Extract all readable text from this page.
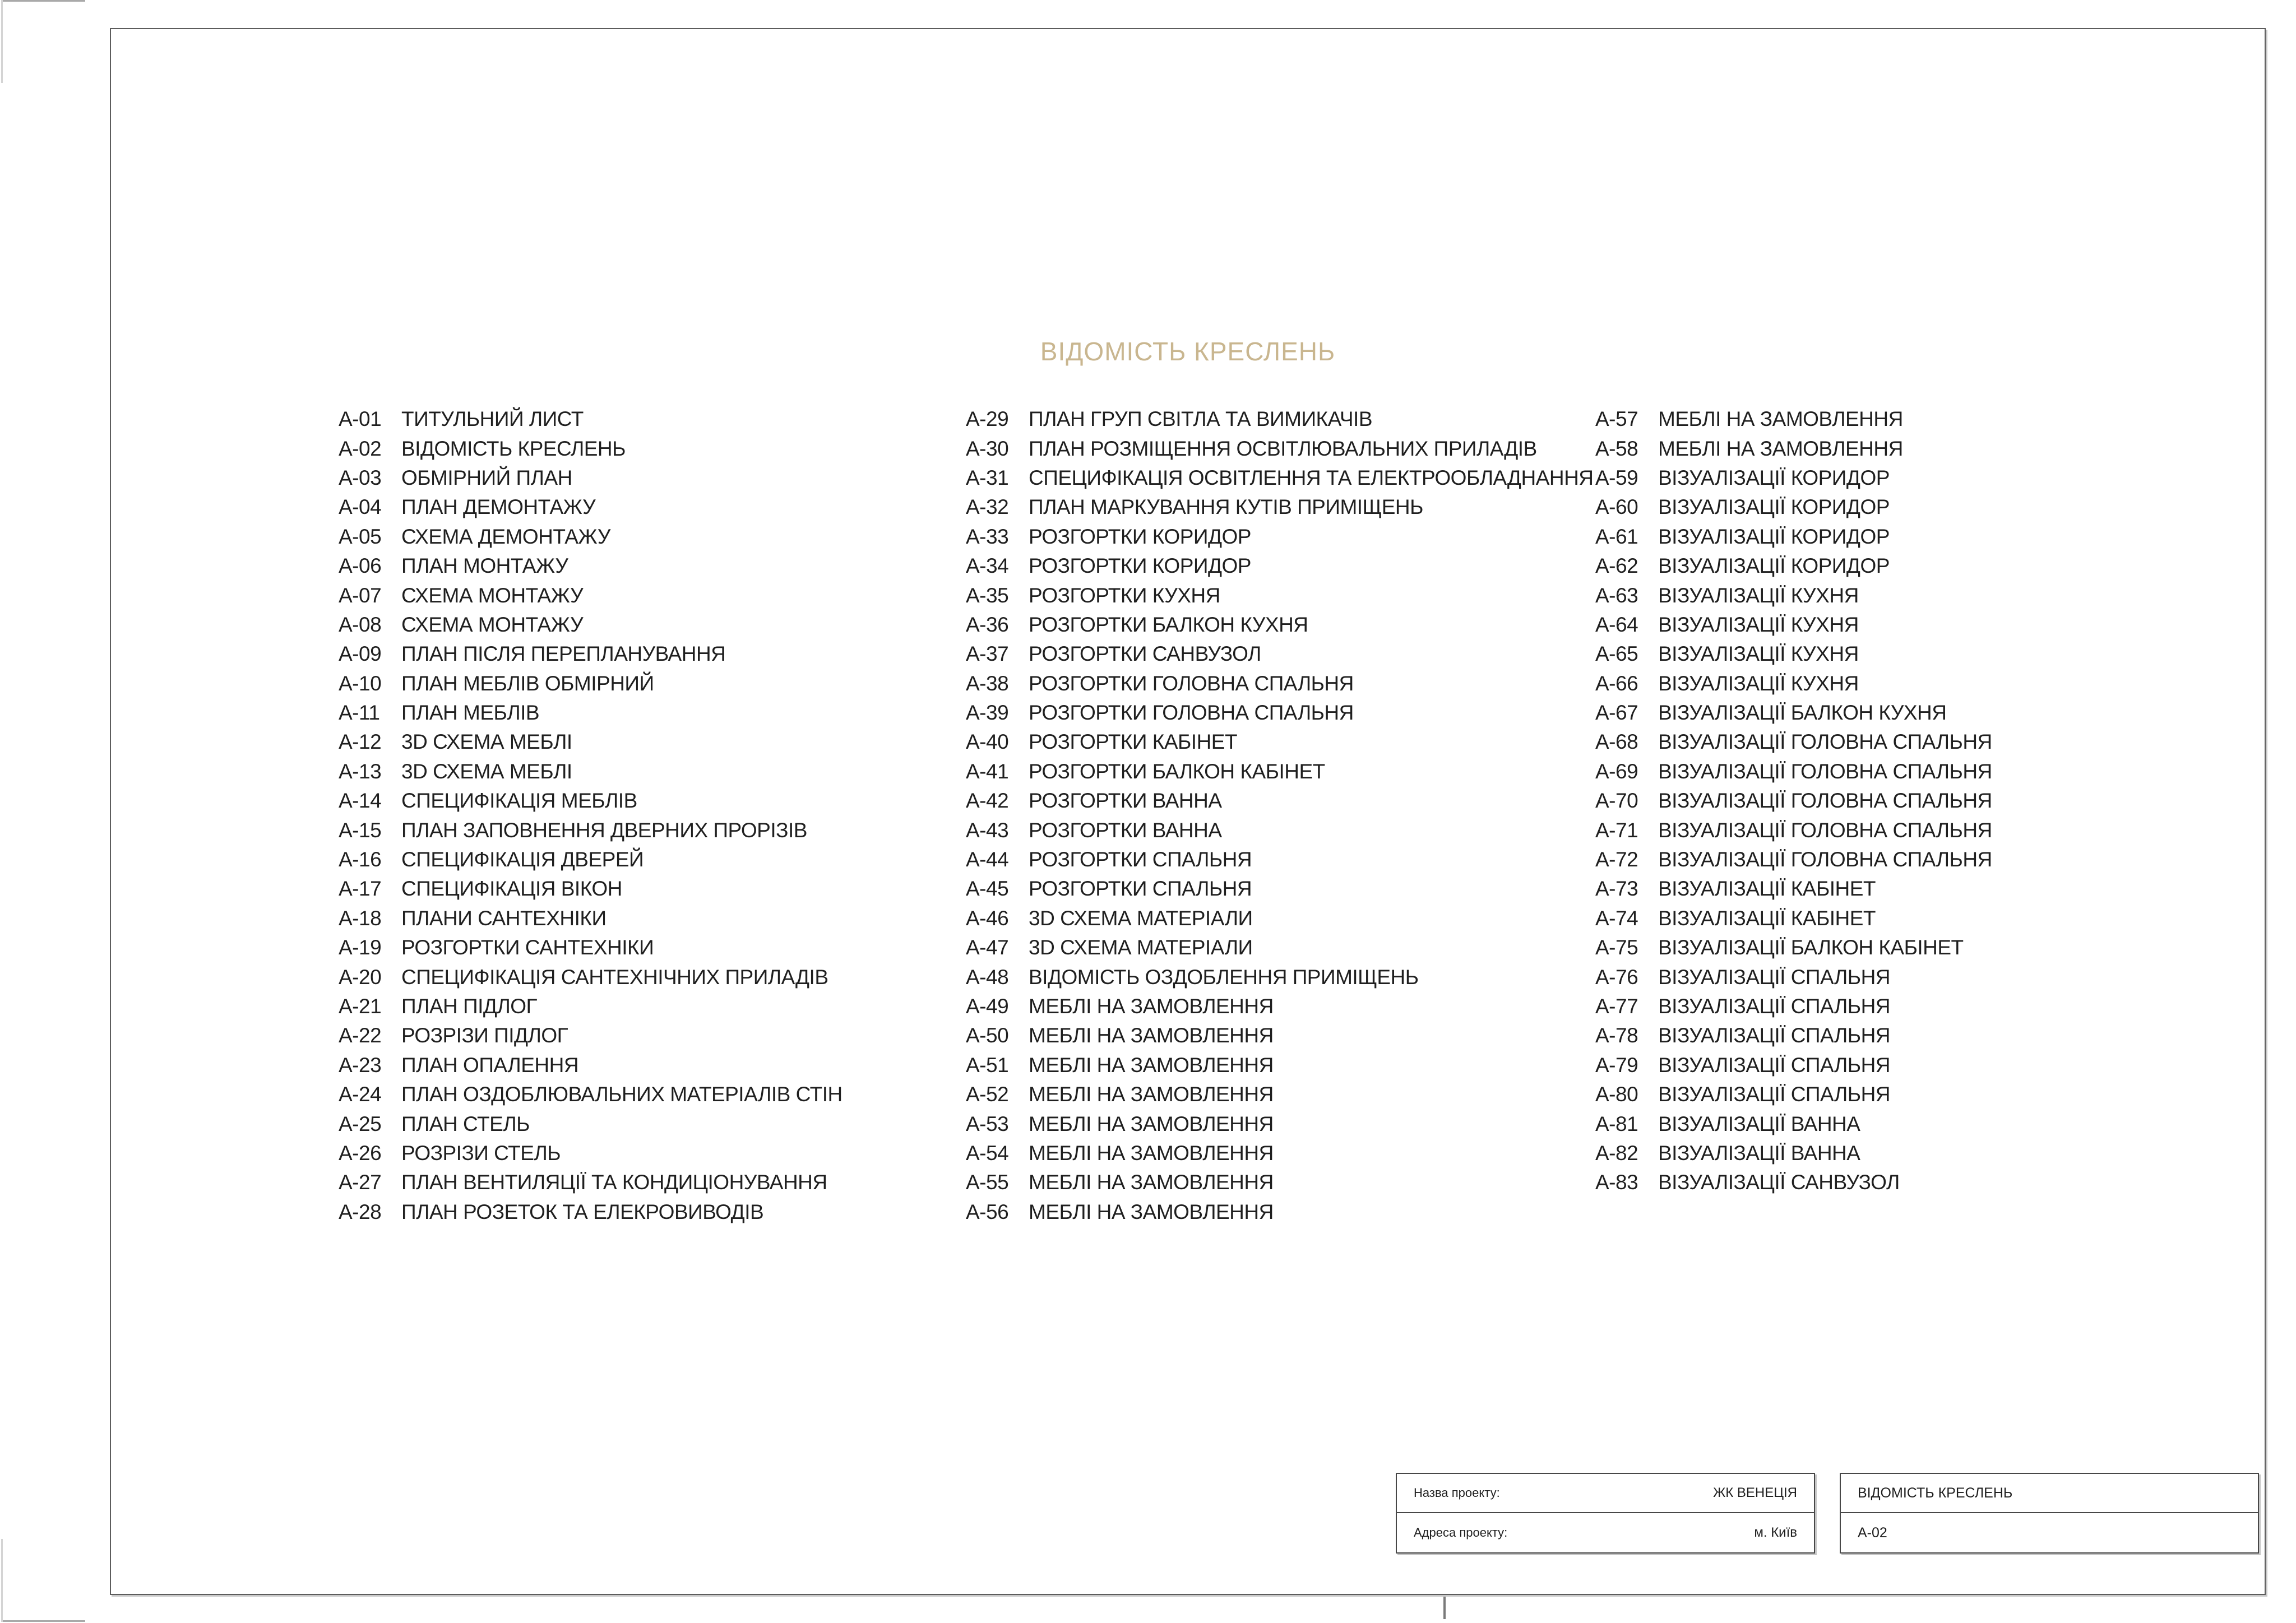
ВІДОМІСТЬ КРЕСЛЕНЬ
A-01 ТИТУЛЬНИЙ ЛИСТ
A-02 ВІДОМІСТЬ КРЕСЛЕНЬ
A-03 ОБМІРНИЙ ПЛАН
A-04 ПЛАН ДЕМОНТАЖУ
A-05 СХЕМА ДЕМОНТАЖУ
A-06 ПЛАН МОНТАЖУ
A-07 СХЕМА МОНТАЖУ
A-08 СХЕМА МОНТАЖУ
A-09 ПЛАН ПІСЛЯ ПЕРЕПЛАНУВАННЯ
A-10 ПЛАН МЕБЛІВ ОБМІРНИЙ
A-11	ПЛАН МЕБЛІВ
A-12 3D СХЕМА МЕБЛІ
A-13 3D СХЕМА МЕБЛІ
A-14 СПЕЦИФІКАЦІЯ МЕБЛІВ
A-15 ПЛАН ЗАПОВНЕННЯ ДВЕРНИХ ПРОРІЗІВ
A-16 СПЕЦИФІКАЦІЯ ДВЕРЕЙ
A-17 СПЕЦИФІКАЦІЯ ВІКОН
A-18 ПЛАНИ САНТЕХНІКИ
A-19 РОЗГОРТКИ САНТЕХНІКИ
A-20 СПЕЦИФІКАЦІЯ САНТЕХНІЧНИХ ПРИЛАДІВ
A-21 ПЛАН ПІДЛОГ
A-22 РОЗРІЗИ ПІДЛОГ
A-23 ПЛАН ОПАЛЕННЯ
A-24 ПЛАН ОЗДОБЛЮВАЛЬНИХ МАТЕРІАЛІВ СТІН
A-25 ПЛАН СТЕЛЬ
A-26 РОЗРІЗИ СТЕЛЬ
A-27 ПЛАН ВЕНТИЛЯЦІЇ ТА КОНДИЦІОНУВАННЯ
A-28 ПЛАН РОЗЕТОК ТА ЕЛЕКРОВИВОДІВ
A-29 ПЛАН ГРУП СВІТЛА ТА ВИМИКАЧІВ
A-30 ПЛАН РОЗМІЩЕННЯ ОСВІТЛЮВАЛЬНИХ ПРИЛАДІВ
A-31 СПЕЦИФІКАЦІЯ ОСВІТЛЕННЯ ТА ЕЛЕКТРООБЛАДНАННЯ
A-32 ПЛАН МАРКУВАННЯ КУТІВ ПРИМІЩЕНЬ
A-33 РОЗГОРТКИ КОРИДОР
A-34 РОЗГОРТКИ КОРИДОР
A-35 РОЗГОРТКИ КУХНЯ
A-36 РОЗГОРТКИ БАЛКОН КУХНЯ
A-37 РОЗГОРТКИ САНВУЗОЛ
A-38 РОЗГОРТКИ ГОЛОВНА СПАЛЬНЯ
A-39 РОЗГОРТКИ ГОЛОВНА СПАЛЬНЯ
A-40 РОЗГОРТКИ КАБІНЕТ
A-41 РОЗГОРТКИ БАЛКОН КАБІНЕТ
A-42 РОЗГОРТКИ ВАННА
A-43 РОЗГОРТКИ ВАННА
A-44 РОЗГОРТКИ СПАЛЬНЯ
A-45 РОЗГОРТКИ СПАЛЬНЯ
A-46 3D СХЕМА МАТЕРІАЛИ
A-47 3D СХЕМА МАТЕРІАЛИ
A-48 ВІДОМІСТЬ ОЗДОБЛЕННЯ ПРИМІЩЕНЬ
A-49 МЕБЛІ НА ЗАМОВЛЕННЯ
A-50 МЕБЛІ НА ЗАМОВЛЕННЯ
A-51 МЕБЛІ НА ЗАМОВЛЕННЯ
A-52 МЕБЛІ НА ЗАМОВЛЕННЯ
A-53 МЕБЛІ НА ЗАМОВЛЕННЯ
A-54 МЕБЛІ НА ЗАМОВЛЕННЯ
A-55 МЕБЛІ НА ЗАМОВЛЕННЯ
A-56 МЕБЛІ НА ЗАМОВЛЕННЯ
A-57 МЕБЛІ НА ЗАМОВЛЕННЯ
A-58 МЕБЛІ НА ЗАМОВЛЕННЯ
A-59 ВІЗУАЛІЗАЦІЇ КОРИДОР
A-60 ВІЗУАЛІЗАЦІЇ КОРИДОР
A-61 ВІЗУАЛІЗАЦІЇ КОРИДОР
A-62 ВІЗУАЛІЗАЦІЇ КОРИДОР
A-63 ВІЗУАЛІЗАЦІЇ КУХНЯ
A-64 ВІЗУАЛІЗАЦІЇ КУХНЯ
A-65 ВІЗУАЛІЗАЦІЇ КУХНЯ
A-66 ВІЗУАЛІЗАЦІЇ КУХНЯ
A-67 ВІЗУАЛІЗАЦІЇ БАЛКОН КУХНЯ
A-68 ВІЗУАЛІЗАЦІЇ ГОЛОВНА СПАЛЬНЯ
A-69 ВІЗУАЛІЗАЦІЇ ГОЛОВНА СПАЛЬНЯ
A-70 ВІЗУАЛІЗАЦІЇ ГОЛОВНА СПАЛЬНЯ
A-71 ВІЗУАЛІЗАЦІЇ ГОЛОВНА СПАЛЬНЯ
A-72 ВІЗУАЛІЗАЦІЇ ГОЛОВНА СПАЛЬНЯ
A-73 ВІЗУАЛІЗАЦІЇ КАБІНЕТ
A-74 ВІЗУАЛІЗАЦІЇ КАБІНЕТ
A-75 ВІЗУАЛІЗАЦІЇ БАЛКОН КАБІНЕТ
A-76 ВІЗУАЛІЗАЦІЇ СПАЛЬНЯ
A-77 ВІЗУАЛІЗАЦІЇ СПАЛЬНЯ
A-78 ВІЗУАЛІЗАЦІЇ СПАЛЬНЯ
A-79 ВІЗУАЛІЗАЦІЇ СПАЛЬНЯ
A-80 ВІЗУАЛІЗАЦІЇ СПАЛЬНЯ
A-81 ВІЗУАЛІЗАЦІЇ ВАННА
A-82 ВІЗУАЛІЗАЦІЇ ВАННА
A-83 ВІЗУАЛІЗАЦІЇ САНВУЗОЛ
Назва проекту:	ЖК ВЕНЕЦІЯ
Адреса проекту:	м. Київ
ВІДОМІСТЬ КРЕСЛЕНЬ
A-02
